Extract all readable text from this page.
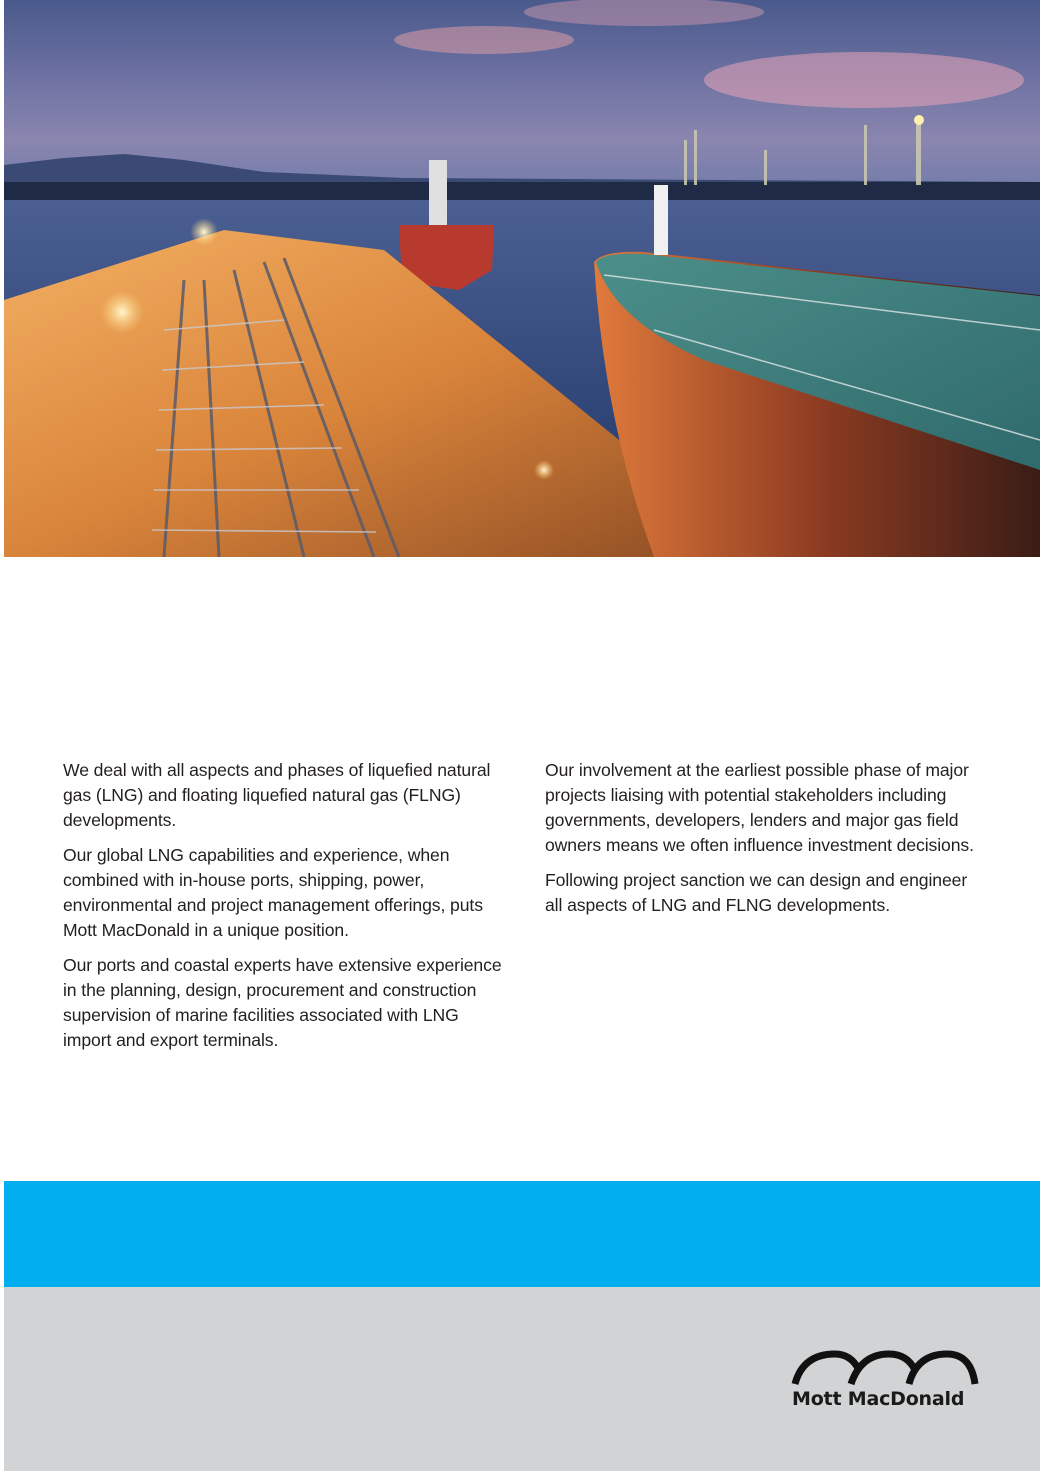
We deal with all aspects and phases of liquefied natural gas (LNG) and floating liquefied natural gas (FLNG) developments.

Our global LNG capabilities and experience, when combined with in-house ports, shipping, power, environmental and project management offerings, puts Mott MacDonald in a unique position.

Our ports and coastal experts have extensive experience in the planning, design, procurement and construction supervision of marine facilities associated with LNG import and export terminals.

Our involvement at the earliest possible phase of major projects liaising with potential stakeholders including governments, developers, lenders and major gas field owners means we often influence investment decisions.

Following project sanction we can design and engineer all aspects of LNG and FLNG developments.

Mott MacDonald
